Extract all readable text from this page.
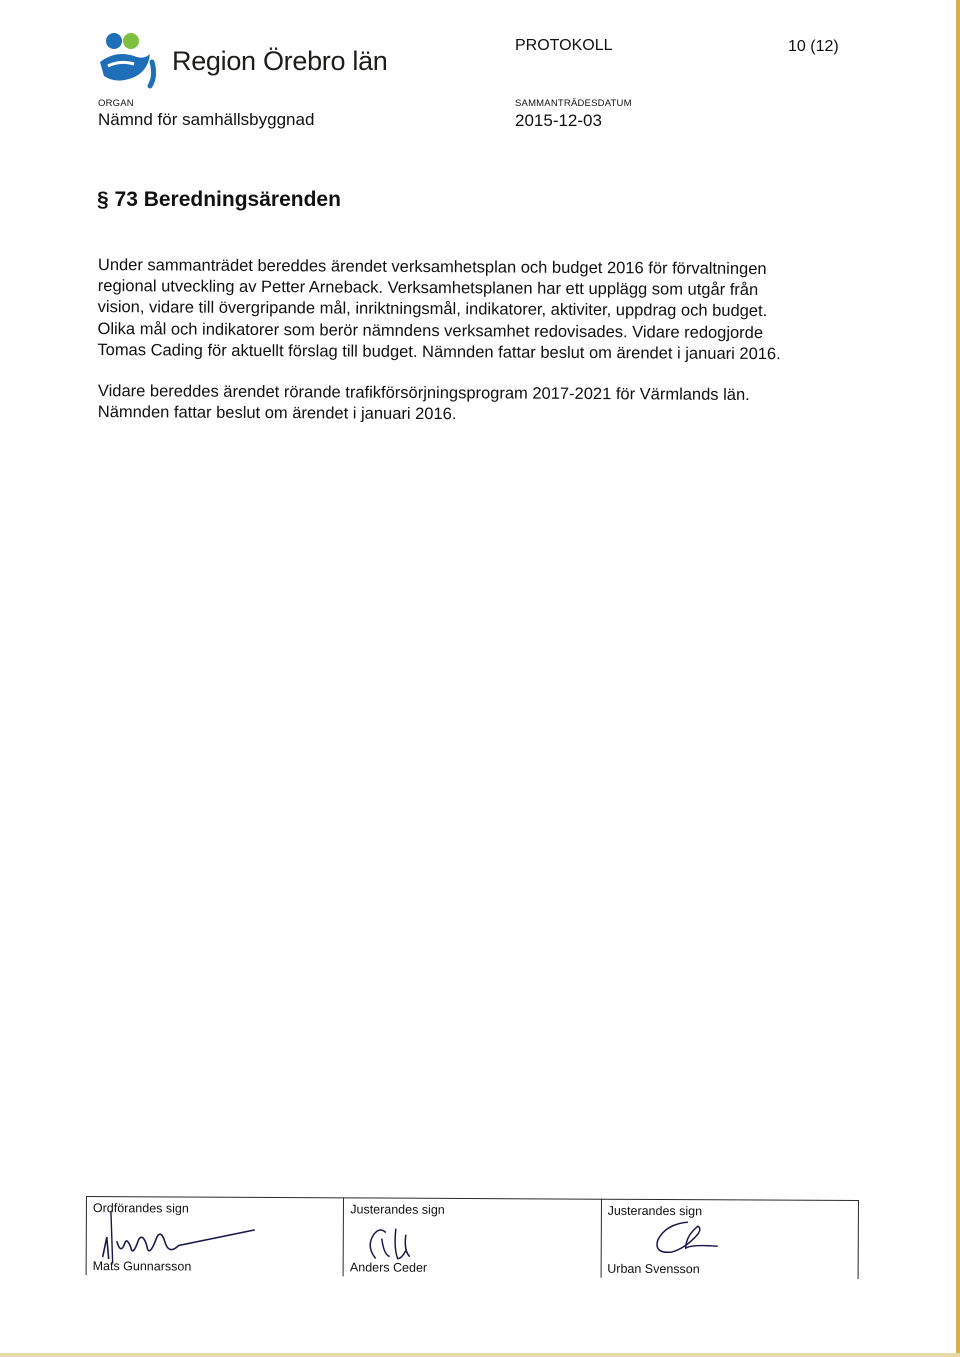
Region Örebro län
PROTOKOLL	10 (12)
ORGAN
Nämnd för samhällsbyggnad
SAMMANTRÄDESDATUM
2015-12-03
§ 73 Beredningsärenden
Under sammanträdet bereddes ärendet verksamhetsplan och budget 2016 för förvaltningen
regional utveckling av Petter Arneback. Verksamhetsplanen har ett upplägg som utgår från
vision, vidare till övergripande mål, inriktningsmål, indikatorer, aktiviter, uppdrag och budget.
Olika mål och indikatorer som berör nämndens verksamhet redovisades. Vidare redogjorde
Tomas Cading för aktuellt förslag till budget. Nämnden fattar beslut om ärendet i januari 2016.
Vidare bereddes ärendet rörande trafikförsörjningsprogram 2017-2021 för Värmlands län.
Nämnden fattar beslut om ärendet i januari 2016.
Ordförandes sign
Mats Gunnarsson
Justerandes sign
Anders Ceder
Justerandes sign
Urban Svensson
